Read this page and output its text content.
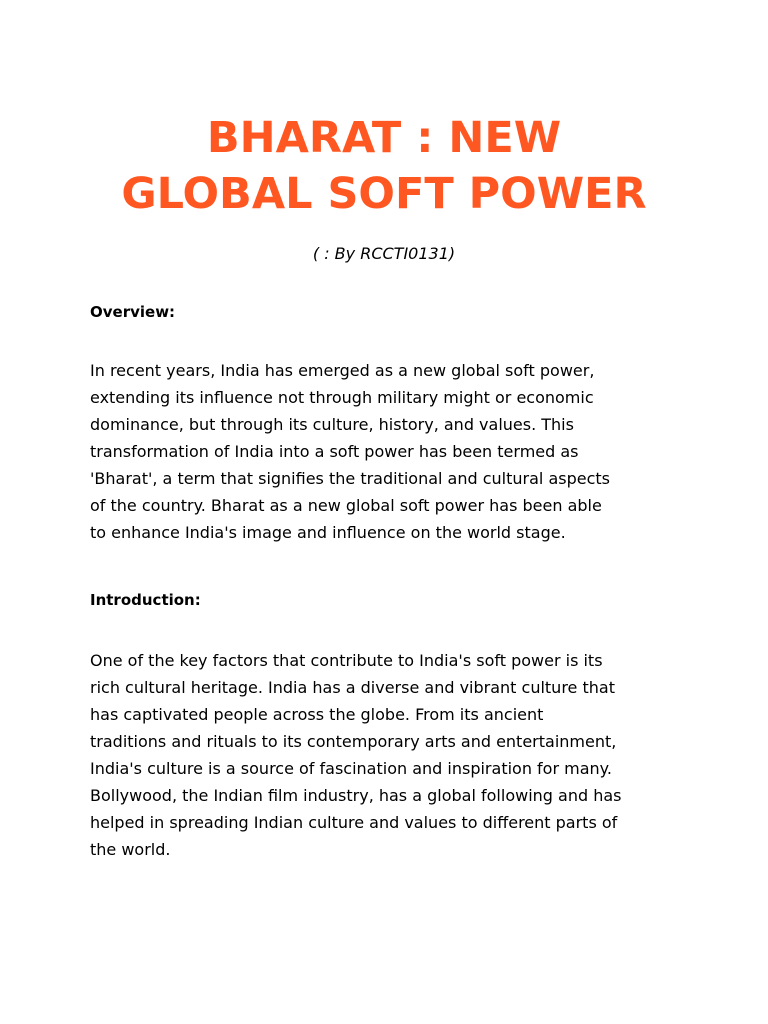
BHARAT : NEW
GLOBAL SOFT POWER

( : By RCCTI0131)

Overview:

In recent years, India has emerged as a new global soft power,
extending its influence not through military might or economic
dominance, but through its culture, history, and values. This
transformation of India into a soft power has been termed as
'Bharat', a term that signifies the traditional and cultural aspects
of the country. Bharat as a new global soft power has been able
to enhance India's image and influence on the world stage.

Introduction:

One of the key factors that contribute to India's soft power is its
rich cultural heritage. India has a diverse and vibrant culture that
has captivated people across the globe. From its ancient
traditions and rituals to its contemporary arts and entertainment,
India's culture is a source of fascination and inspiration for many.
Bollywood, the Indian film industry, has a global following and has
helped in spreading Indian culture and values to different parts of
the world.
